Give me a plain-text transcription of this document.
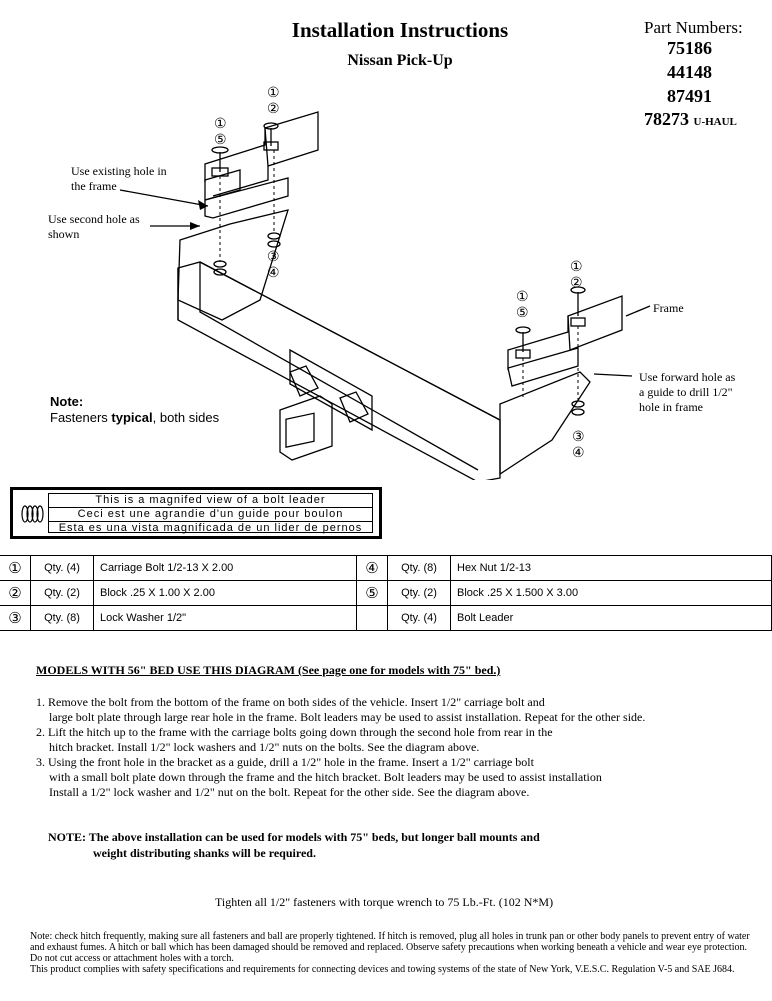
Installation Instructions
Nissan Pick-Up
Part Numbers:
75186
44148
87491
78273 U-HAUL
Use existing hole in
the frame
Use second hole as
shown
Frame
Use forward hole as
a guide to drill 1/2"
hole in frame
①
②
①
⑤
③
④	①
②
①
⑤
③
④
Note:
Fasteners typical, both sides
This is a magnifed view of a bolt leader
Ceci est une agrandie d'un guide pour boulon
Esta es una vista magnificada de un lider de pernos
①	Qty. (4)	Carriage Bolt 1/2-13 X 2.00	④	Qty. (8)	Hex Nut 1/2-13
②	Qty. (2)	Block .25 X 1.00 X 2.00	⑤	Qty. (2)	Block .25 X 1.500 X 3.00
③	Qty. (8)	Lock Washer 1/2"		Qty. (4)	Bolt Leader
MODELS WITH 56" BED USE THIS DIAGRAM (See page one for models with 75" bed.)
1. Remove the bolt from the bottom of the frame on both sides of the vehicle. Insert 1/2" carriage bolt and
large bolt plate through large rear hole in the frame. Bolt leaders may be used to assist installation. Repeat for the other side.
2. Lift the hitch up to the frame with the carriage bolts going down through the second hole from rear in the
hitch bracket. Install 1/2" lock washers and 1/2" nuts on the bolts. See the diagram above.
3. Using the front hole in the bracket as a guide, drill a 1/2" hole in the frame. Insert a 1/2" carriage bolt
with a small bolt plate down through the frame and the hitch bracket. Bolt leaders may be used to assist installation
Install a 1/2" lock washer and 1/2" nut on the bolt. Repeat for the other side. See the diagram above.
NOTE: The above installation can be used for models with 75" beds, but longer ball mounts and
weight distributing shanks will be required.
Tighten all 1/2" fasteners with torque wrench to 75 Lb.-Ft. (102 N*M)
Note: check hitch frequently, making sure all fasteners and ball are properly tightened. If hitch is removed, plug all holes in trunk pan or other body panels to prevent entry of water and exhaust fumes. A hitch or ball which has been damaged should be removed and replaced. Observe safety precautions when working beneath a vehicle and wear eye protection. Do not cut access or attachment holes with a torch.
This product complies with safety specifications and requirements for connecting devices and towing systems of the state of New York, V.E.S.C. Regulation V-5 and SAE J684.
